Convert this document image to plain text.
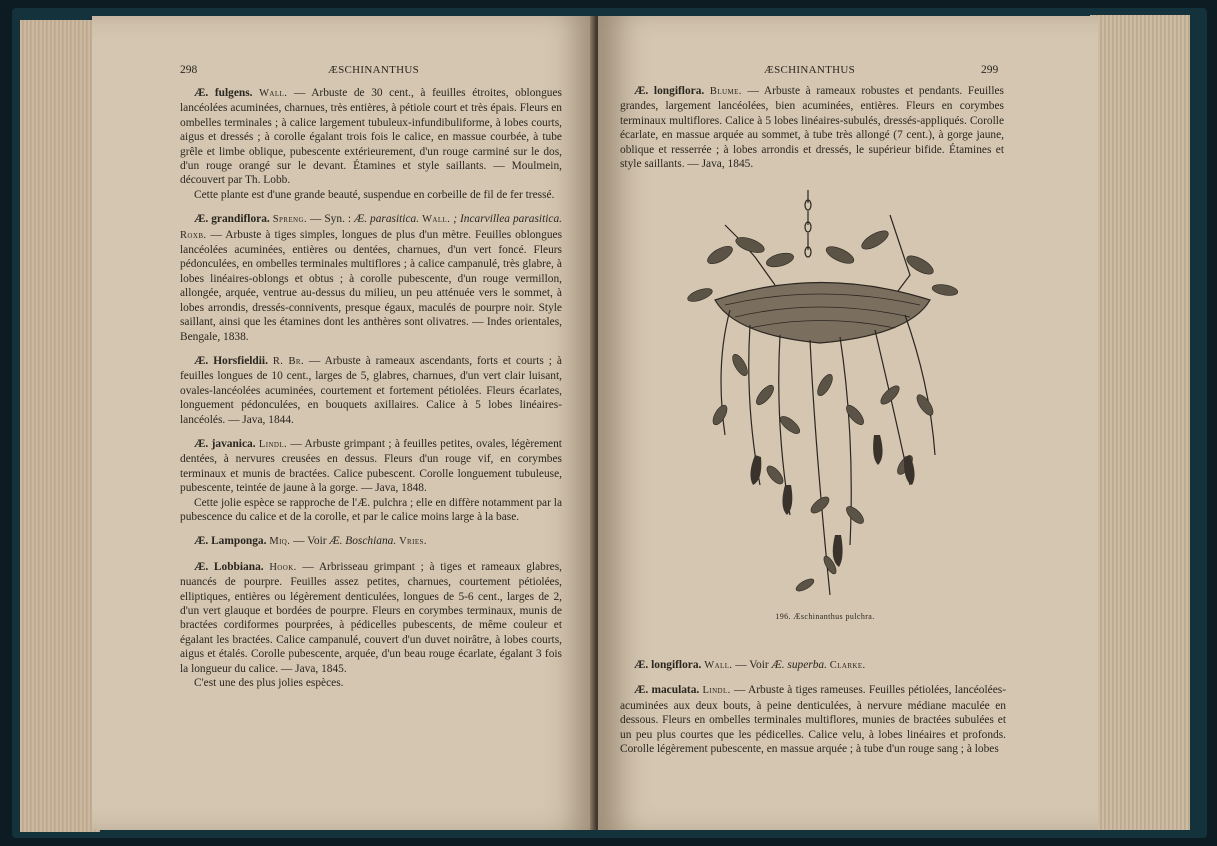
298	ÆSCHINANTHUS

Æ. fulgens. Wall. — Arbuste de 30 cent., à feuilles étroites, oblongues lancéolées acuminées, charnues, très entières, à pétiole court et très épais. Fleurs en ombelles terminales ; à calice largement tubuleux-infundibuliforme, à lobes courts, aigus et dressés ; à corolle égalant trois fois le calice, en massue courbée, à tube grêle et limbe oblique, pubescente extérieurement, d'un rouge carminé sur le dos, d'un rouge orangé sur le devant. Étamines et style saillants. — Moulmein, découvert par Th. Lobb.

Cette plante est d'une grande beauté, suspendue en corbeille de fil de fer tressé.

Æ. grandiflora. Spreng. — Syn. : Æ. parasitica. Wall. ; Incarvillea parasitica. Roxb. — Arbuste à tiges simples, longues de plus d'un mètre. Feuilles oblongues lancéolées acuminées, entières ou dentées, charnues, d'un vert foncé. Fleurs pédonculées, en ombelles terminales multiflores ; à calice campanulé, très glabre, à lobes linéaires-oblongs et obtus ; à corolle pubescente, d'un rouge vermillon, allongée, arquée, ventrue au-dessus du milieu, un peu atténuée vers le sommet, à lobes arrondis, dressés-connivents, presque égaux, maculés de pourpre noir. Style saillant, ainsi que les étamines dont les anthères sont olivatres. — Indes orientales, Bengale, 1838.

Æ. Horsfieldii. R. Br. — Arbuste à rameaux ascendants, forts et courts ; à feuilles longues de 10 cent., larges de 5, glabres, charnues, d'un vert clair luisant, ovales-lancéolées acuminées, courtement et fortement pétiolées. Fleurs écarlates, longuement pédonculées, en bouquets axillaires. Calice à 5 lobes linéaires-lancéolés. — Java, 1844.

Æ. javanica. Lindl. — Arbuste grimpant ; à feuilles petites, ovales, légèrement dentées, à nervures creusées en dessus. Fleurs d'un rouge vif, en corymbes terminaux et munis de bractées. Calice pubescent. Corolle longuement tubuleuse, pubescente, teintée de jaune à la gorge. — Java, 1848.

Cette jolie espèce se rapproche de l'Æ. pulchra ; elle en diffère notamment par la pubescence du calice et de la corolle, et par le calice moins large à la base.

Æ. Lamponga. Miq. — Voir Æ. Boschiana. Vries.

Æ. Lobbiana. Hook. — Arbrisseau grimpant ; à tiges et rameaux glabres, nuancés de pourpre. Feuilles assez petites, charnues, courtement pétiolées, elliptiques, entières ou légèrement denticulées, longues de 5-6 cent., larges de 2, d'un vert glauque et bordées de pourpre. Fleurs en corymbes terminaux, munis de bractées cordiformes pourprées, à pédicelles pubescents, de même couleur et égalant les bractées. Calice campanulé, couvert d'un duvet noirâtre, à lobes courts, aigus et étalés. Corolle pubescente, arquée, d'un beau rouge écarlate, égalant 3 fois la longueur du calice. — Java, 1845.

C'est une des plus jolies espèces.

ÆSCHINANTHUS	299

Æ. longiflora. Blume. — Arbuste à rameaux robustes et pendants. Feuilles grandes, largement lancéolées, bien acuminées, entières. Fleurs en corymbes terminaux multiflores. Calice à 5 lobes linéaires-subulés, dressés-appliqués. Corolle écarlate, en massue arquée au sommet, à tube très allongé (7 cent.), à gorge jaune, oblique et resserrée ; à lobes arrondis et dressés, le supérieur bifide. Étamines et style saillants. — Java, 1845.

Æ. longiflora. Wall. — Voir Æ. superba. Clarke.

Æ. maculata. Lindl. — Arbuste à tiges rameuses. Feuilles pétiolées, lancéolées-acuminées aux deux bouts, à peine denticulées, à nervure médiane maculée en dessous. Fleurs en ombelles terminales multiflores, munies de bractées subulées et un peu plus courtes que les pédicelles. Calice velu, à lobes linéaires et profonds. Corolle légèrement pubescente, en massue arquée ; à tube d'un rouge sang ; à lobes

196. Æschinanthus pulchra.
